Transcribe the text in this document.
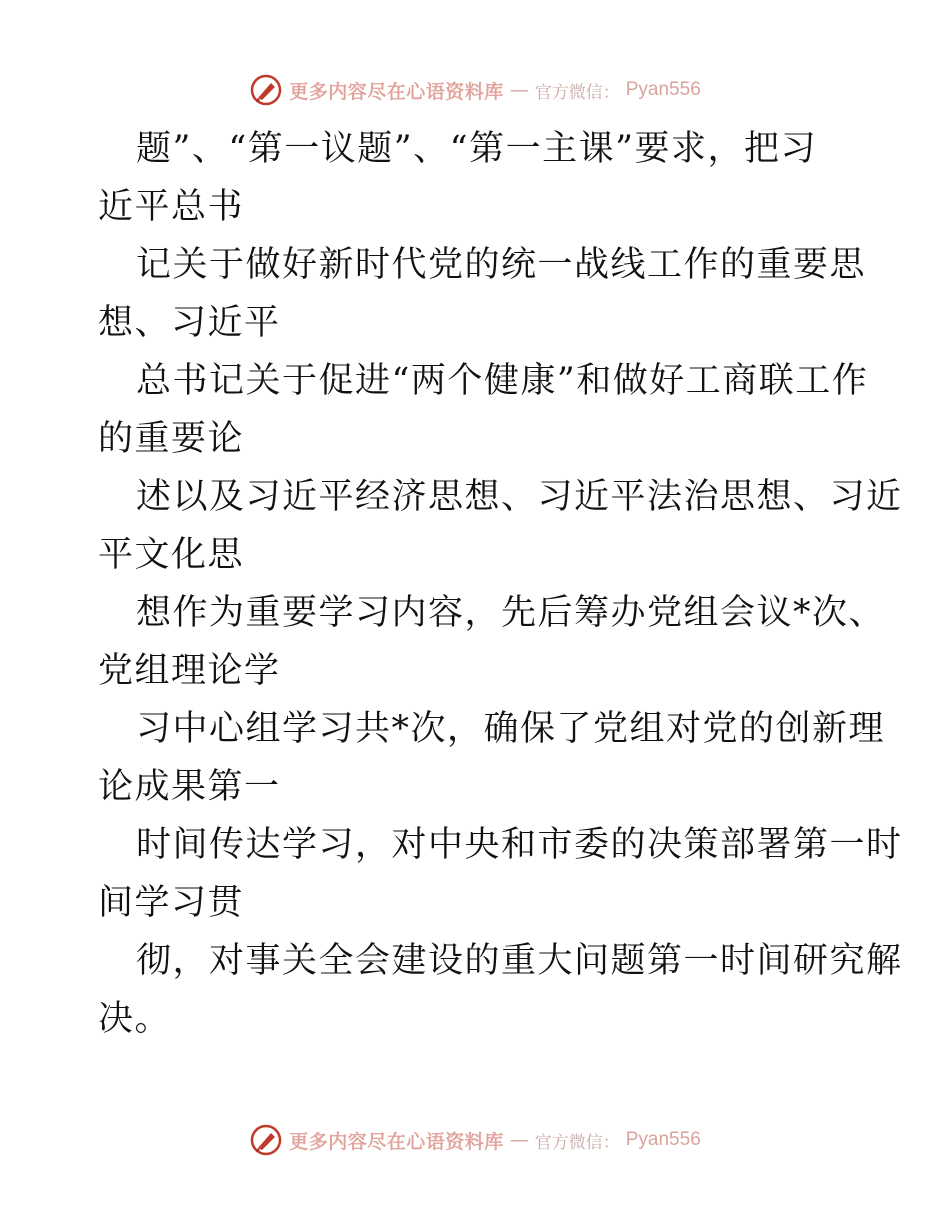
更多内容尽在心语资料库 — 官方微信： Pyan556
题”、“第一议题”、“第一主课”要求，把习
近平总书
记关于做好新时代党的统一战线工作的重要思
想、习近平
总书记关于促进“两个健康”和做好工商联工作
的重要论
述以及习近平经济思想、习近平法治思想、习近
平文化思
想作为重要学习内容，先后筹办党组会议*次、
党组理论学
习中心组学习共*次，确保了党组对党的创新理
论成果第一
时间传达学习，对中央和市委的决策部署第一时
间学习贯
彻，对事关全会建设的重大问题第一时间研究解
决。
更多内容尽在心语资料库 — 官方微信： Pyan556
